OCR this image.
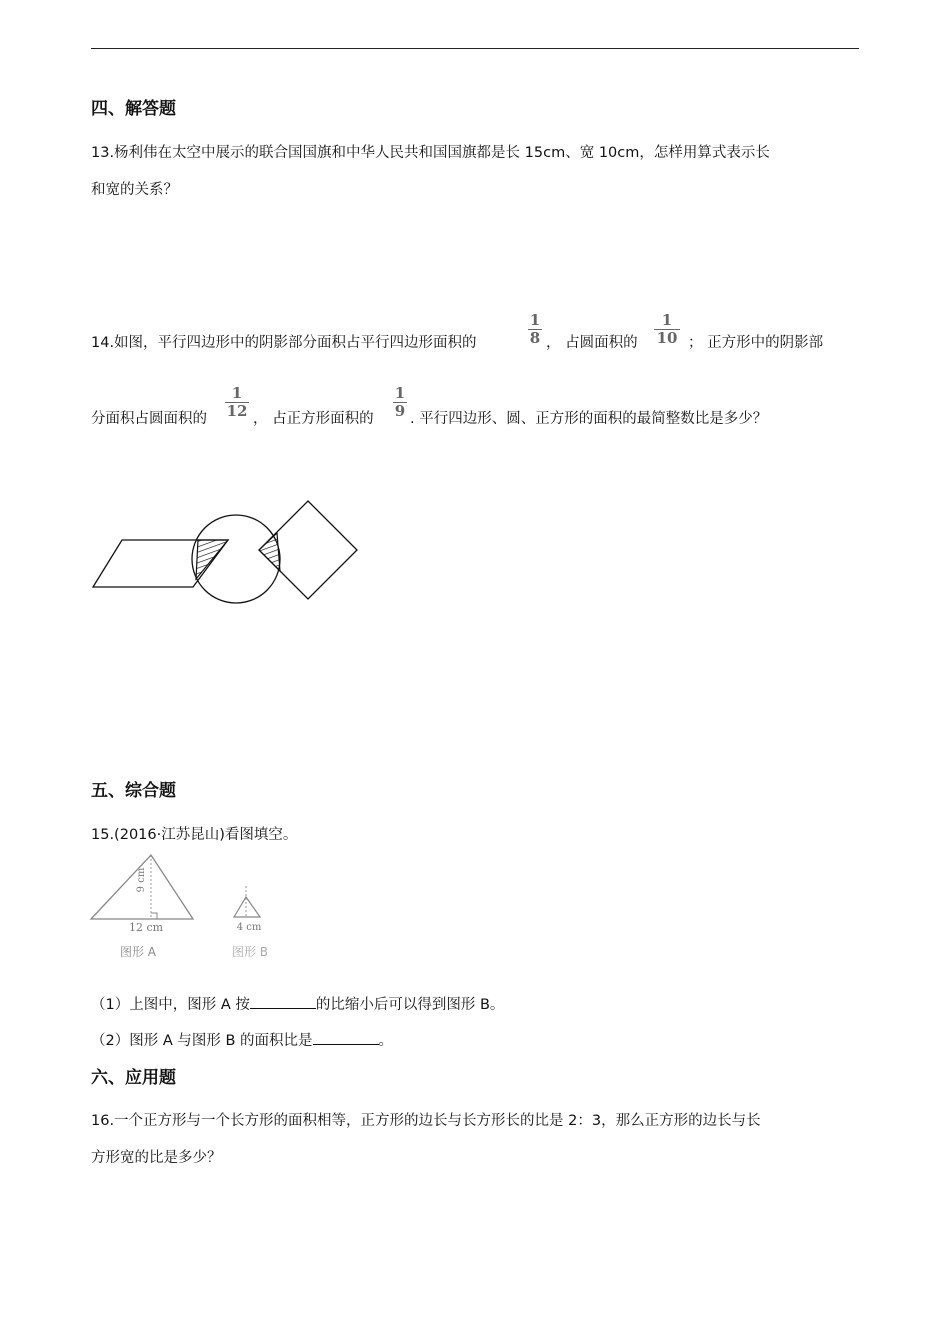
四、解答题
13.杨利伟在太空中展示的联合国国旗和中华人民共和国国旗都是长 15cm、宽 10cm，怎样用算式表示长
和宽的关系？
14.如图，平行四边形中的阴影部分面积占平行四边形面积的
1
8 ， 占圆面积的
1
10 ； 正方形中的阴影部
分面积占圆面积的
1
12 ， 占正方形面积的
1
9 . 平行四边形、圆、正方形的面积的最简整数比是多少？
五、综合题
15.(2016·江苏昆山)看图填空。
9 cm
12 cm
图形 A
4 cm
图形 B
（1）上图中，图形 A 按	的比缩小后可以得到图形 B。
（2）图形 A 与图形 B 的面积比是	。
六、应用题
16.一个正方形与一个长方形的面积相等，正方形的边长与长方形长的比是 2：3，那么正方形的边长与长
方形宽的比是多少？
